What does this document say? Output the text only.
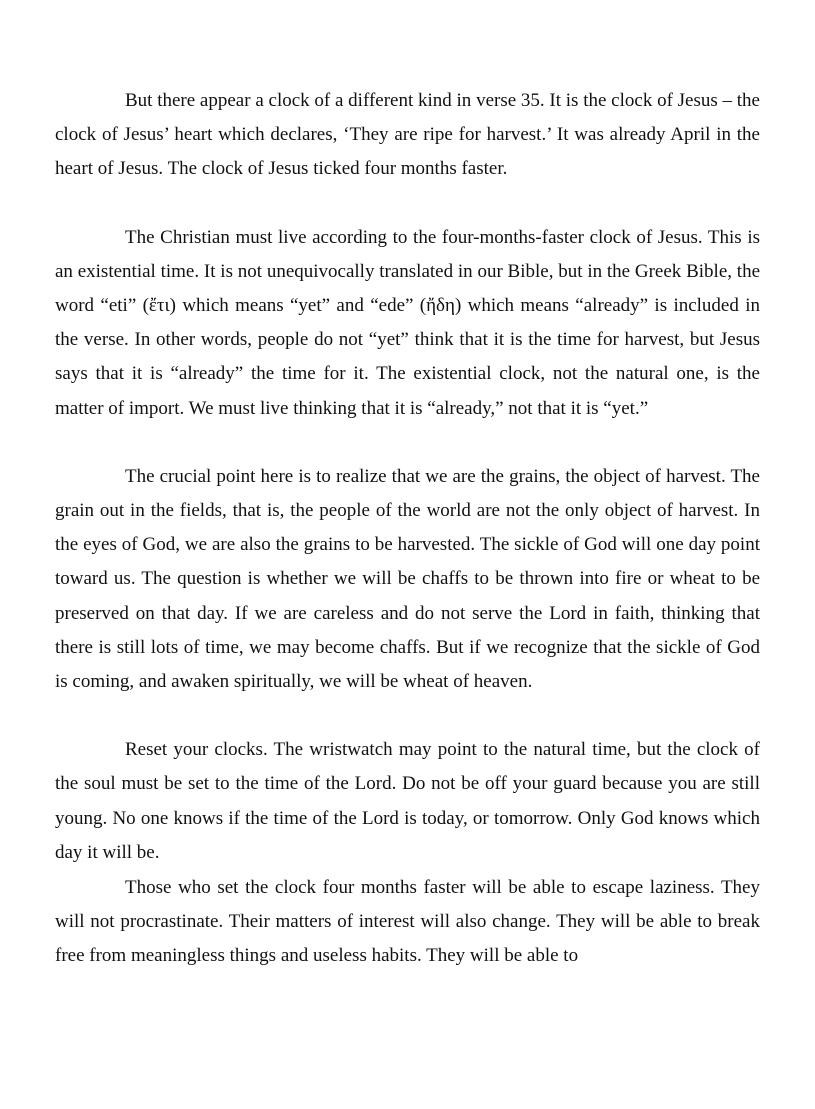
But there appear a clock of a different kind in verse 35. It is the clock of Jesus – the clock of Jesus’ heart which declares, ‘They are ripe for harvest.’ It was already April in the heart of Jesus. The clock of Jesus ticked four months faster.

The Christian must live according to the four-months-faster clock of Jesus. This is an existential time. It is not unequivocally translated in our Bible, but in the Greek Bible, the word “eti” (ἔτι) which means “yet” and “ede” (ἤδη) which means “already” is included in the verse. In other words, people do not “yet” think that it is the time for harvest, but Jesus says that it is “already” the time for it. The existential clock, not the natural one, is the matter of import. We must live thinking that it is “already,” not that it is “yet.”

The crucial point here is to realize that we are the grains, the object of harvest. The grain out in the fields, that is, the people of the world are not the only object of harvest. In the eyes of God, we are also the grains to be harvested. The sickle of God will one day point toward us. The question is whether we will be chaffs to be thrown into fire or wheat to be preserved on that day. If we are careless and do not serve the Lord in faith, thinking that there is still lots of time, we may become chaffs. But if we recognize that the sickle of God is coming, and awaken spiritually, we will be wheat of heaven.

Reset your clocks. The wristwatch may point to the natural time, but the clock of the soul must be set to the time of the Lord. Do not be off your guard because you are still young. No one knows if the time of the Lord is today, or tomorrow. Only God knows which day it will be.

Those who set the clock four months faster will be able to escape laziness. They will not procrastinate. Their matters of interest will also change. They will be able to break free from meaningless things and useless habits. They will be able to
